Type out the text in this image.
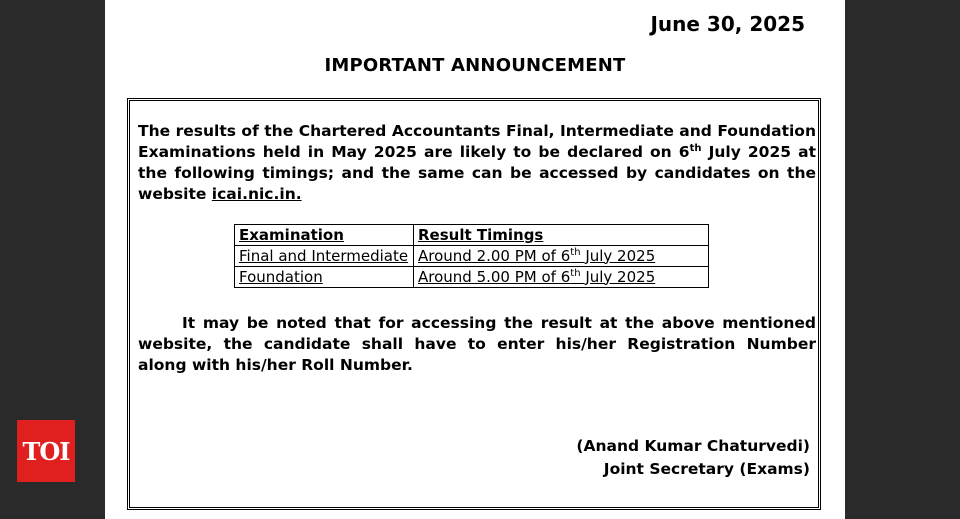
TOI
June 30, 2025
IMPORTANT ANNOUNCEMENT
The results of the Chartered Accountants Final, Intermediate and Foundation Examinations held in May 2025 are likely to be declared on 6th July 2025 at the following timings; and the same can be accessed by candidates on the website icai.nic.in.
Examination	Result Timings
Final and Intermediate	Around 2.00 PM of 6th July 2025
Foundation	Around 5.00 PM of 6th July 2025
It may be noted that for accessing the result at the above mentioned website, the candidate shall have to enter his/her Registration Number along with his/her Roll Number.
(Anand Kumar Chaturvedi)
Joint Secretary (Exams)
